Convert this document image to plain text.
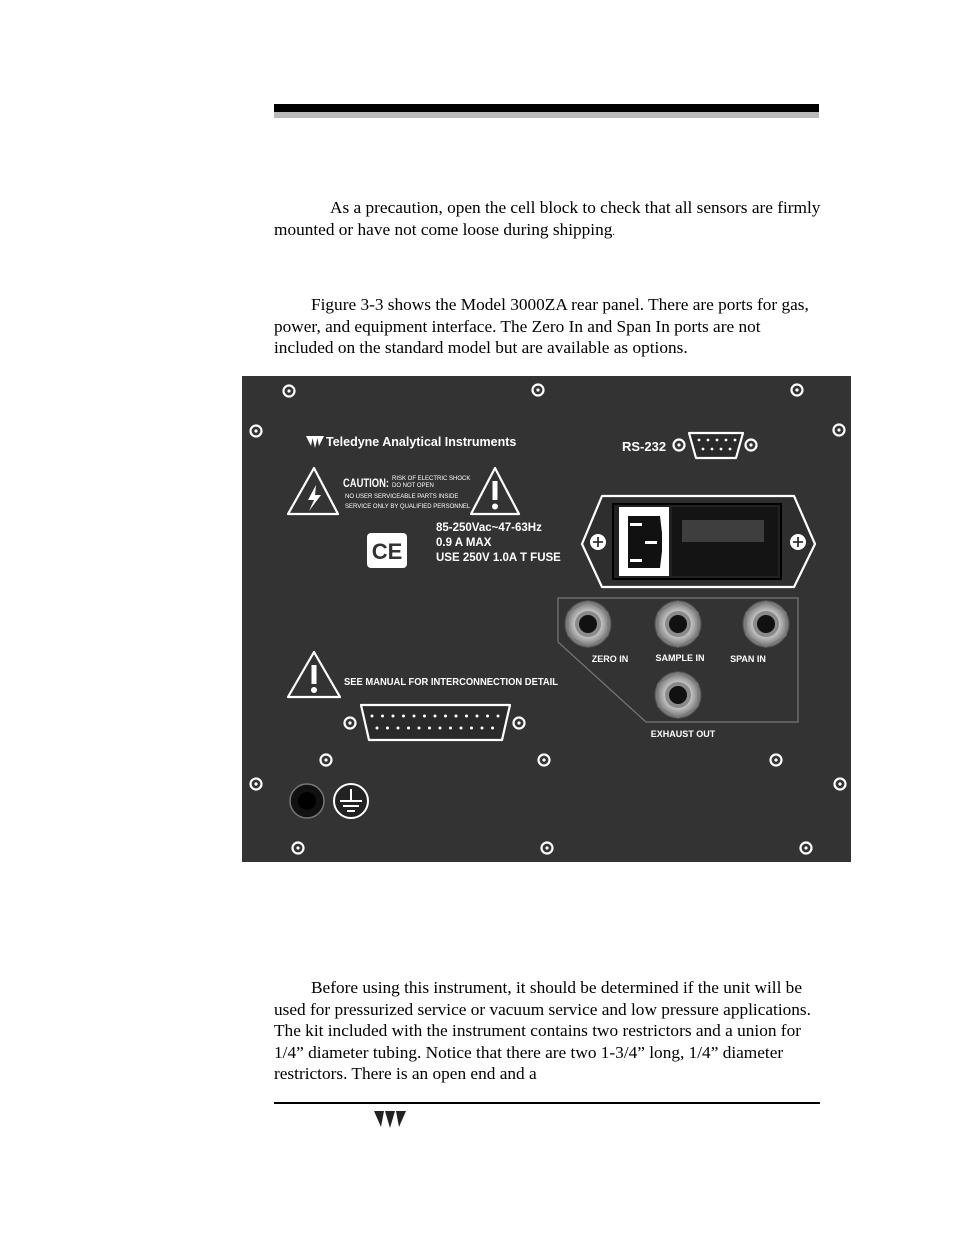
As a precaution, open the cell block to check that all sensors are firmly mounted or have not come loose during shipping.

Figure 3-3 shows the Model 3000ZA rear panel. There are ports for gas, power, and equipment interface. The Zero In and Span In ports are not included on the standard model but are available as options.

Teledyne Analytical Instruments	RS-232
CAUTION: RISK OF ELECTRIC SHOCK
DO NOT OPEN
NO USER SERVICEABLE PARTS INSIDE
SERVICE ONLY BY QUALIFIED PERSONNEL
CE
85-250Vac~47-63Hz
0.9 A MAX
USE 250V 1.0A T FUSE
ZERO IN	SAMPLE IN	SPAN IN
EXHAUST OUT
SEE MANUAL FOR INTERCONNECTION DETAIL

Before using this instrument, it should be determined if the unit will be used for pressurized service or vacuum service and low pressure applications. The kit included with the instrument contains two restrictors and a union for 1/4” diameter tubing. Notice that there are two 1-3/4” long, 1/4” diameter restrictors. There is an open end and a
